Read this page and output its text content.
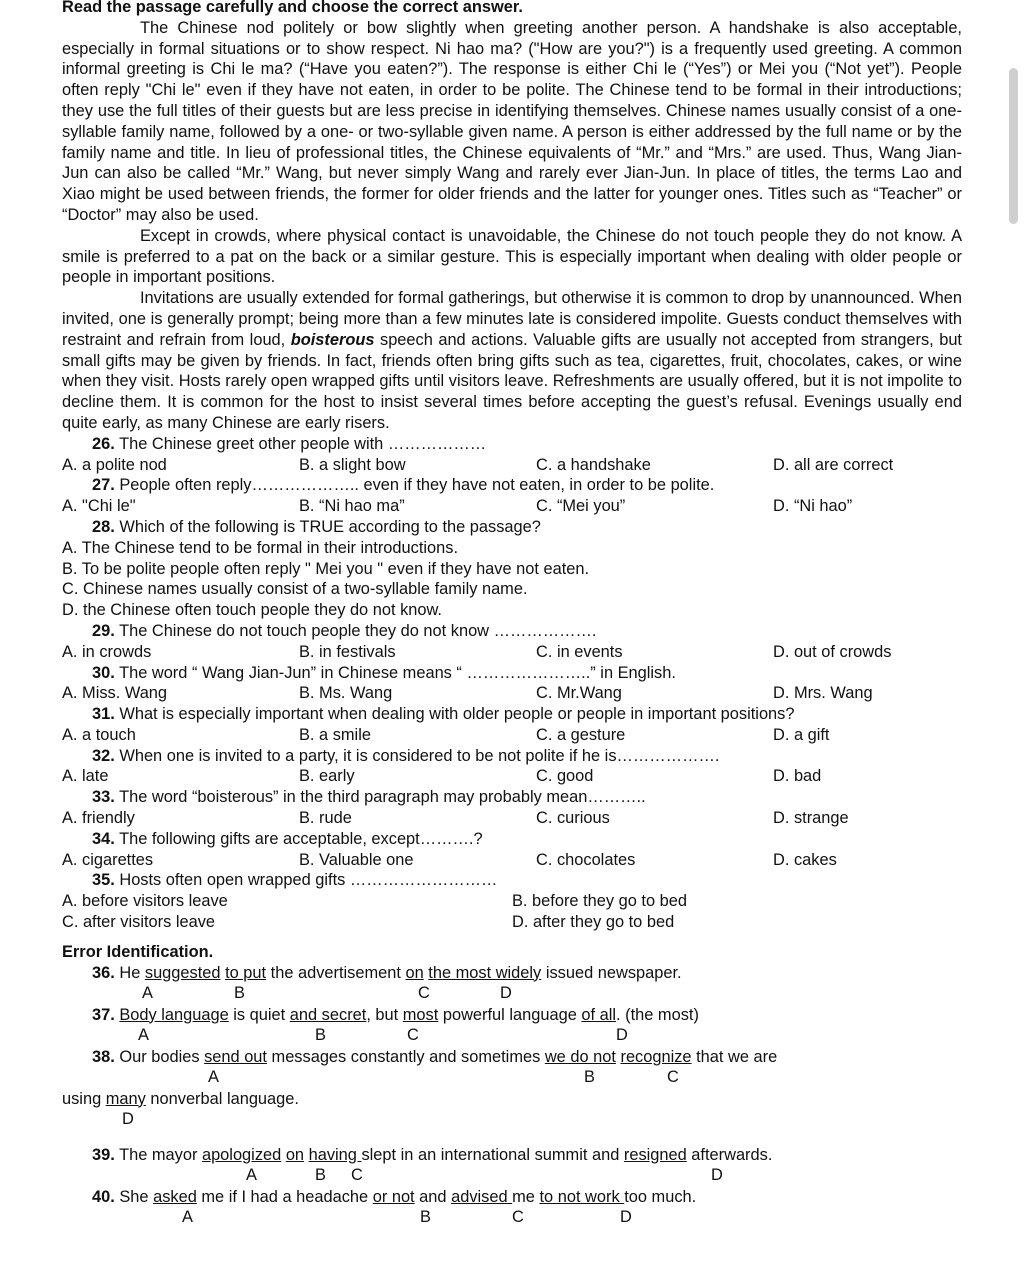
Read the passage carefully and choose the correct answer.

The Chinese nod politely or bow slightly when greeting another person. A handshake is also acceptable, especially in formal situations or to show respect. Ni hao ma? ("How are you?") is a frequently used greeting. A common informal greeting is Chi le ma? (“Have you eaten?”). The response is either Chi le (“Yes”) or Mei you (“Not yet”). People often reply "Chi le" even if they have not eaten, in order to be polite. The Chinese tend to be formal in their introductions; they use the full titles of their guests but are less precise in identifying themselves. Chinese names usually consist of a one-syllable family name, followed by a one- or two-syllable given name. A person is either addressed by the full name or by the family name and title. In lieu of professional titles, the Chinese equivalents of “Mr.” and “Mrs.” are used. Thus, Wang Jian-Jun can also be called “Mr.” Wang, but never simply Wang and rarely ever Jian-Jun. In place of titles, the terms Lao and Xiao might be used between friends, the former for older friends and the latter for younger ones. Titles such as “Teacher” or “Doctor” may also be used.

Except in crowds, where physical contact is unavoidable, the Chinese do not touch people they do not know. A smile is preferred to a pat on the back or a similar gesture. This is especially important when dealing with older people or people in important positions.

Invitations are usually extended for formal gatherings, but otherwise it is common to drop by unannounced. When invited, one is generally prompt; being more than a few minutes late is considered impolite. Guests conduct themselves with restraint and refrain from loud, boisterous speech and actions. Valuable gifts are usually not accepted from strangers, but small gifts may be given by friends. In fact, friends often bring gifts such as tea, cigarettes, fruit, chocolates, cakes, or wine when they visit. Hosts rarely open wrapped gifts until visitors leave. Refreshments are usually offered, but it is not impolite to decline them. It is common for the host to insist several times before accepting the guest’s refusal. Evenings usually end quite early, as many Chinese are early risers.

26. The Chinese greet other people with ………………
A. a polite nod	B. a slight bow	C. a handshake	D. all are correct
27. People often reply……………….. even if they have not eaten, in order to be polite.
A. "Chi le"	B. “Ni hao ma”	C. “Mei you”	D. “Ni hao”
28. Which of the following is TRUE according to the passage?
A. The Chinese tend to be formal in their introductions.
B. To be polite people often reply " Mei you " even if they have not eaten.
C. Chinese names usually consist of a two-syllable family name.
D. the Chinese often touch people they do not know.
29. The Chinese do not touch people they do not know ……………….
A. in crowds	B. in festivals	C. in events	D. out of crowds
30. The word “ Wang Jian-Jun” in Chinese means “ …………………..” in English.
A. Miss. Wang	B. Ms. Wang	C. Mr.Wang	D. Mrs. Wang
31. What is especially important when dealing with older people or people in important positions?
A. a touch	B. a smile	C. a gesture	D. a gift
32. When one is invited to a party, it is considered to be not polite if he is……………….
A. late	B. early	C. good	D. bad
33. The word “boisterous” in the third paragraph may probably mean………..
A. friendly	B. rude	C. curious	D. strange
34. The following gifts are acceptable, except……….?
A. cigarettes	B. Valuable one	C. chocolates	D. cakes
35. Hosts often open wrapped gifts ………………………
A. before visitors leave	B. before they go to bed
C. after visitors leave	D. after they go to bed
Error Identification.
36. He suggested to put the advertisement on the most widely issued newspaper.
A	B	C	D
37. Body language is quiet and secret, but most powerful language of all. (the most)
A	B	C	D
38. Our bodies send out messages constantly and sometimes we do not recognize that we are
A	B	C
using many nonverbal language.
D
39. The mayor apologized on having slept in an international summit and resigned afterwards.
A	B C	D
40. She asked me if I had a headache or not and advised me to not work too much.
A	B	C	D
